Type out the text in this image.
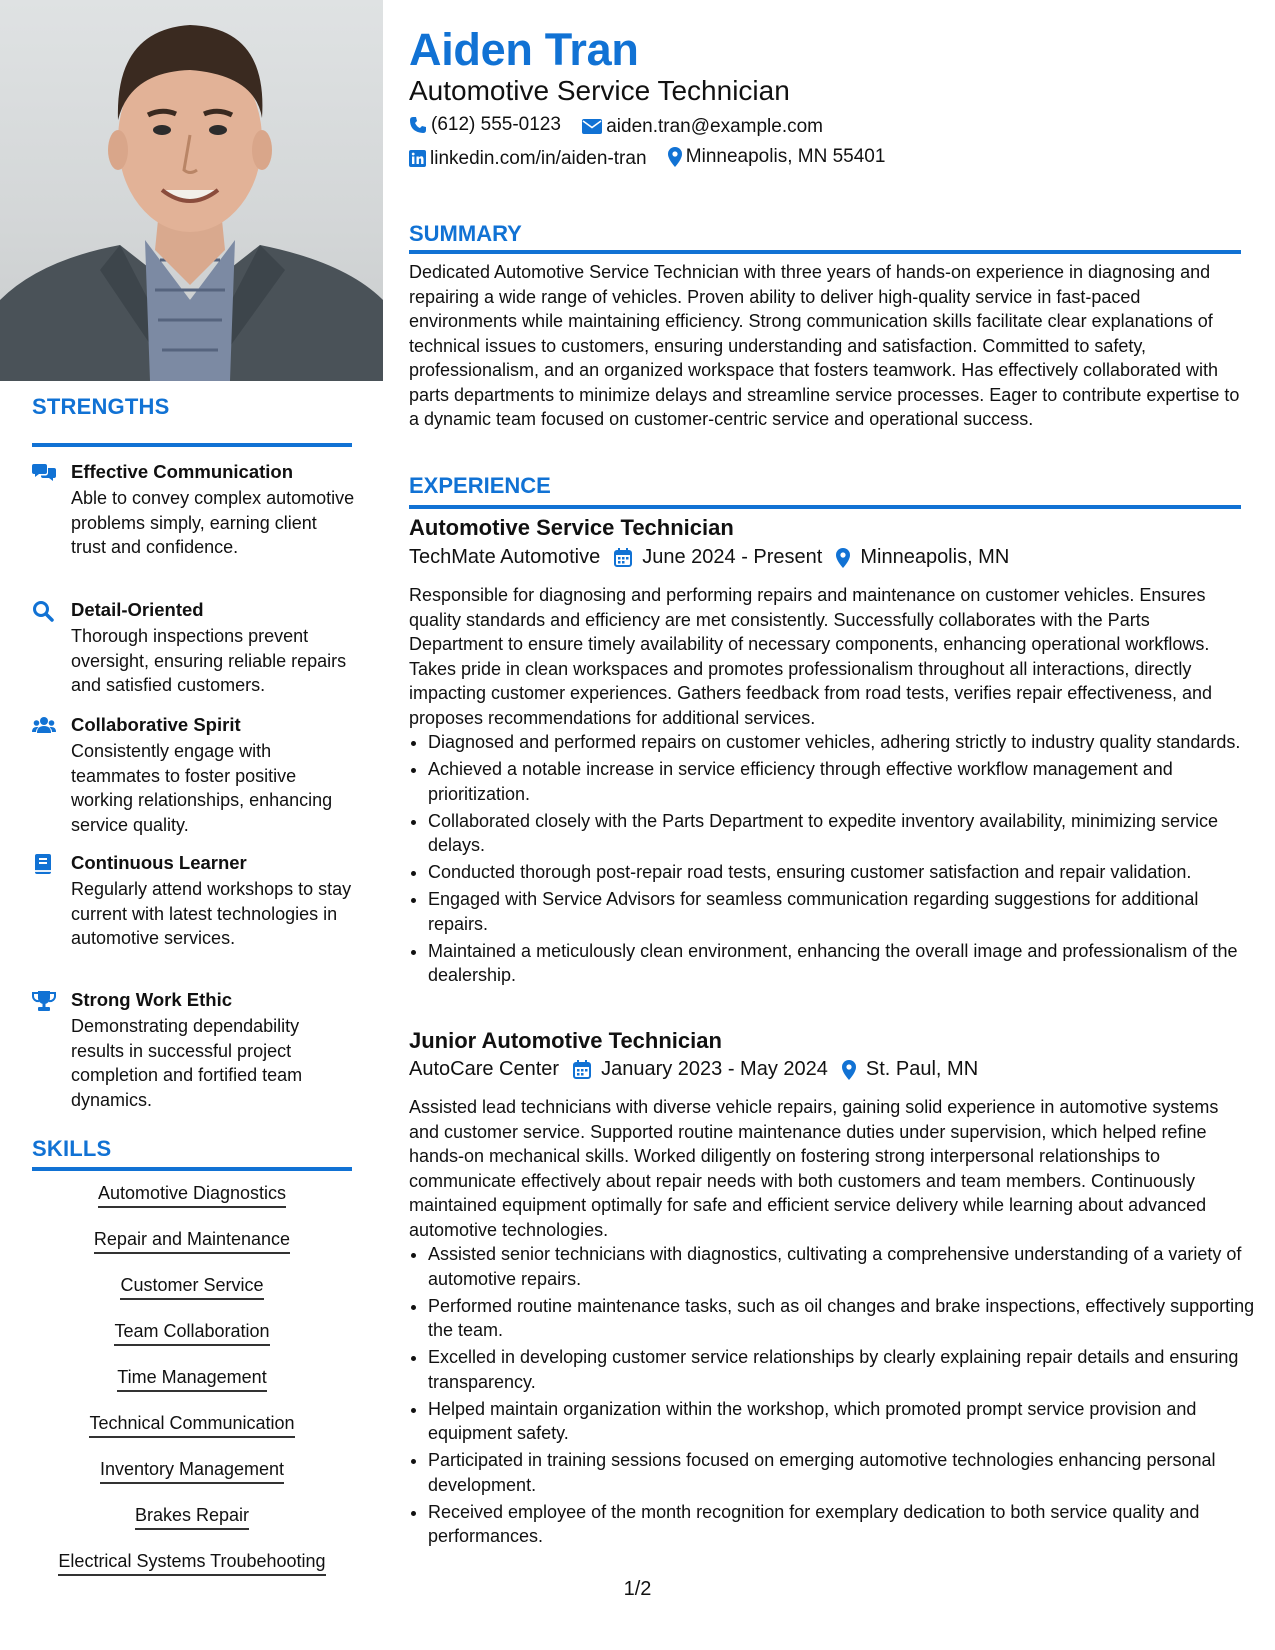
STRENGTHS
Effective Communication
Able to convey complex automotive problems simply, earning client trust and confidence.
Detail-Oriented
Thorough inspections prevent oversight, ensuring reliable repairs and satisfied customers.
Collaborative Spirit
Consistently engage with teammates to foster positive working relationships, enhancing service quality.
Continuous Learner
Regularly attend workshops to stay current with latest technologies in automotive services.
Strong Work Ethic
Demonstrating dependability results in successful project completion and fortified team dynamics.
SKILLS
Automotive Diagnostics
Repair and Maintenance
Customer Service
Team Collaboration
Time Management
Technical Communication
Inventory Management
Brakes Repair
Electrical Systems Troubehooting
Aiden Tran
Automotive Service Technician
(612) 555-0123
aiden.tran@example.com
linkedin.com/in/aiden-tran
Minneapolis, MN 55401
SUMMARY
Dedicated Automotive Service Technician with three years of hands-on experience in diagnosing and repairing a wide range of vehicles. Proven ability to deliver high-quality service in fast-paced environments while maintaining efficiency. Strong communication skills facilitate clear explanations of technical issues to customers, ensuring understanding and satisfaction. Committed to safety, professionalism, and an organized workspace that fosters teamwork. Has effectively collaborated with parts departments to minimize delays and streamline service processes. Eager to contribute expertise to a dynamic team focused on customer-centric service and operational success.
EXPERIENCE
Automotive Service Technician
TechMate Automotive June 2024 - Present Minneapolis, MN
Responsible for diagnosing and performing repairs and maintenance on customer vehicles. Ensures quality standards and efficiency are met consistently. Successfully collaborates with the Parts Department to ensure timely availability of necessary components, enhancing operational workflows. Takes pride in clean workspaces and promotes professionalism throughout all interactions, directly impacting customer experiences. Gathers feedback from road tests, verifies repair effectiveness, and proposes recommendations for additional services.
• Diagnosed and performed repairs on customer vehicles, adhering strictly to industry quality standards.
• Achieved a notable increase in service efficiency through effective workflow management and prioritization.
• Collaborated closely with the Parts Department to expedite inventory availability, minimizing service delays.
• Conducted thorough post-repair road tests, ensuring customer satisfaction and repair validation.
• Engaged with Service Advisors for seamless communication regarding suggestions for additional repairs.
• Maintained a meticulously clean environment, enhancing the overall image and professionalism of the dealership.
Junior Automotive Technician
AutoCare Center January 2023 - May 2024 St. Paul, MN
Assisted lead technicians with diverse vehicle repairs, gaining solid experience in automotive systems and customer service. Supported routine maintenance duties under supervision, which helped refine hands-on mechanical skills. Worked diligently on fostering strong interpersonal relationships to communicate effectively about repair needs with both customers and team members. Continuously maintained equipment optimally for safe and efficient service delivery while learning about advanced automotive technologies.
• Assisted senior technicians with diagnostics, cultivating a comprehensive understanding of a variety of automotive repairs.
• Performed routine maintenance tasks, such as oil changes and brake inspections, effectively supporting the team.
• Excelled in developing customer service relationships by clearly explaining repair details and ensuring transparency.
• Helped maintain organization within the workshop, which promoted prompt service provision and equipment safety.
• Participated in training sessions focused on emerging automotive technologies enhancing personal development.
• Received employee of the month recognition for exemplary dedication to both service quality and performances.
1/2
